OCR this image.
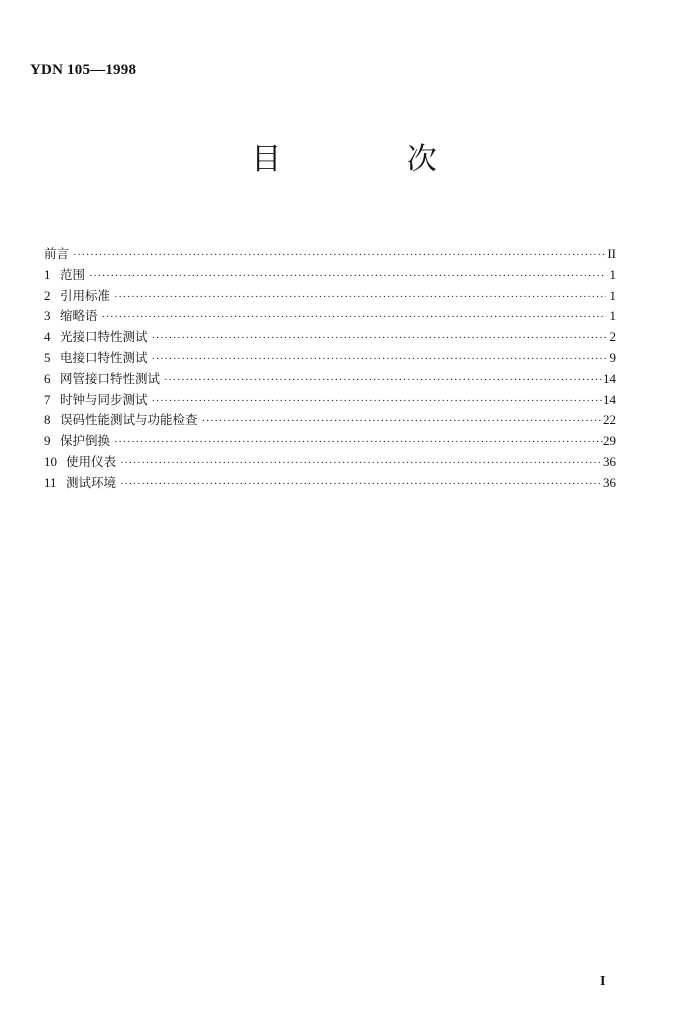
YDN 105—1998
目 次
前言 ·····	II
1 范围 ·····	1
2 引用标准 ·····	1
3 缩略语 ·····	1
4 光接口特性测试 ·····	2
5 电接口特性测试 ·····	9
6 网管接口特性测试 ·····	14
7 时钟与同步测试 ·····	14
8 误码性能测试与功能检查 ·····	22
9 保护倒换 ·····	29
10 使用仪表 ·····	36
11 测试环境 ·····	36
I
